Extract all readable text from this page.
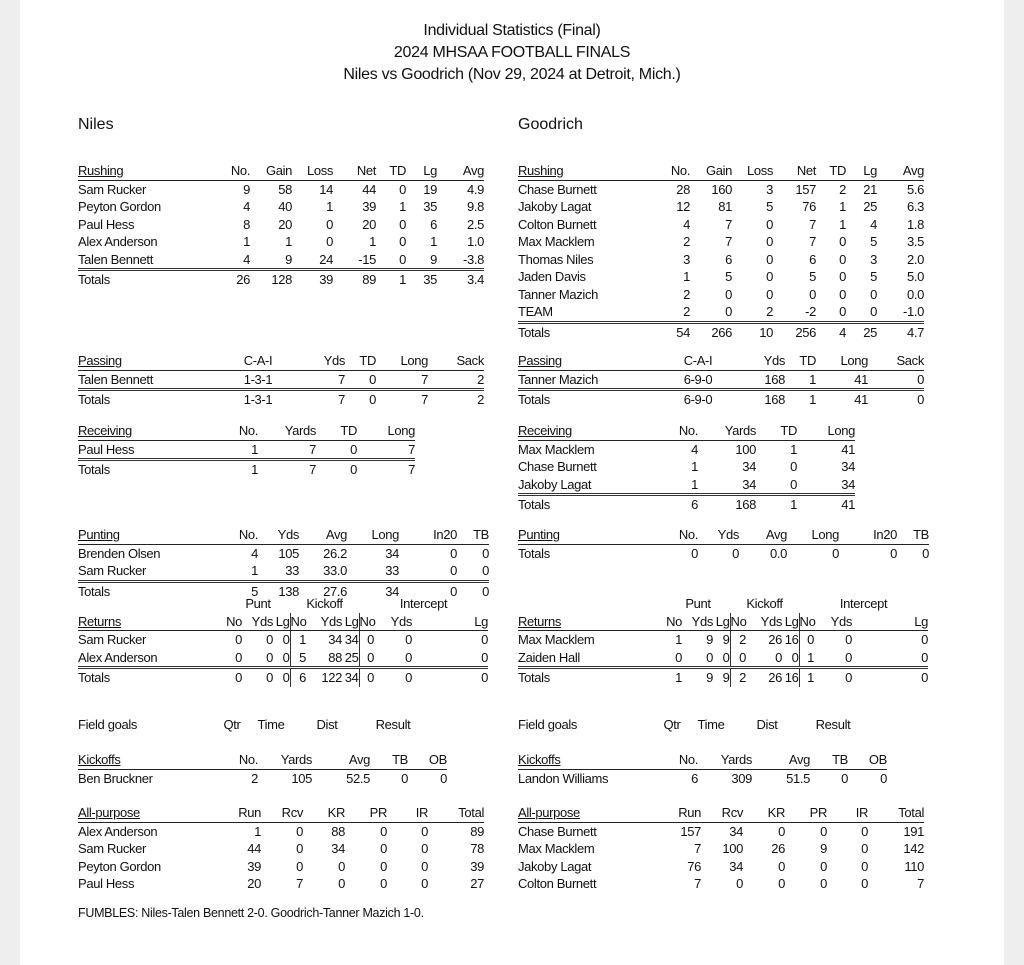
Individual Statistics (Final)
2024 MHSAA FOOTBALL FINALS
Niles vs Goodrich (Nov 29, 2024 at Detroit, Mich.)
Niles	Goodrich
Rushing	No.	Gain	Loss	Net	TD	Lg	Avg
Sam Rucker	9	58	14	44	0	19	4.9
Peyton Gordon	4	40	1	39	1	35	9.8
Paul Hess	8	20	0	20	0	6	2.5
Alex Anderson	1	1	0	1	0	1	1.0
Talen Bennett	4	9	24	-15	0	9	-3.8
Totals	26	128	39	89	1	35	3.4
Rushing	No.	Gain	Loss	Net	TD	Lg	Avg
Chase Burnett	28	160	3	157	2	21	5.6
Jakoby Lagat	12	81	5	76	1	25	6.3
Colton Burnett	4	7	0	7	1	4	1.8
Max Macklem	2	7	0	7	0	5	3.5
Thomas Niles	3	6	0	6	0	3	2.0
Jaden Davis	1	5	0	5	0	5	5.0
Tanner Mazich	2	0	0	0	0	0	0.0
TEAM	2	0	2	-2	0	0	-1.0
Totals	54	266	10	256	4	25	4.7
Passing	C-A-I	Yds	TD	Long	Sack
Talen Bennett	1-3-1	7	0	7	2
Totals	1-3-1	7	0	7	2
Passing	C-A-I	Yds	TD	Long	Sack
Tanner Mazich	6-9-0	168	1	41	0
Totals	6-9-0	168	1	41	0
Receiving	No.	Yards	TD	Long
Paul Hess	1	7	0	7
Totals	1	7	0	7
Receiving	No.	Yards	TD	Long
Max Macklem	4	100	1	41
Chase Burnett	1	34	0	34
Jakoby Lagat	1	34	0	34
Totals	6	168	1	41
Punting	No.	Yds	Avg	Long	In20	TB
Brenden Olsen	4	105	26.2	34	0	0
Sam Rucker	1	33	33.0	33	0	0
Totals	5	138	27.6	34	0	0
Punting	No.	Yds	Avg	Long	In20	TB
Totals	0	0	0.0	0	0	0
	Punt			Kickoff			Intercept		
Returns	No	Yds	Lg	No	Yds	Lg	No	Yds	Lg
Sam Rucker	0	0	0	1	34	34	0	0	0
Alex Anderson	0	0	0	5	88	25	0	0	0
Totals	0	0	0	6	122	34	0	0	0
	Punt			Kickoff			Intercept		
Returns	No	Yds	Lg	No	Yds	Lg	No	Yds	Lg
Max Macklem	1	9	9	2	26	16	0	0	0
Zaiden Hall	0	0	0	0	0	0	1	0	0
Totals	1	9	9	2	26	16	1	0	0
Field goals	Qtr	Time	Dist	Result	Field goals	Qtr	Time	Dist	Result
Kickoffs	No.	Yards	Avg	TB	OB
Ben Bruckner	2	105	52.5	0	0
Kickoffs	No.	Yards	Avg	TB	OB
Landon Williams	6	309	51.5	0	0
All-purpose	Run	Rcv	KR	PR	IR	Total
Alex Anderson	1	0	88	0	0	89
Sam Rucker	44	0	34	0	0	78
Peyton Gordon	39	0	0	0	0	39
Paul Hess	20	7	0	0	0	27
All-purpose	Run	Rcv	KR	PR	IR	Total
Chase Burnett	157	34	0	0	0	191
Max Macklem	7	100	26	9	0	142
Jakoby Lagat	76	34	0	0	0	110
Colton Burnett	7	0	0	0	0	7
FUMBLES: Niles-Talen Bennett 2-0. Goodrich-Tanner Mazich 1-0.
